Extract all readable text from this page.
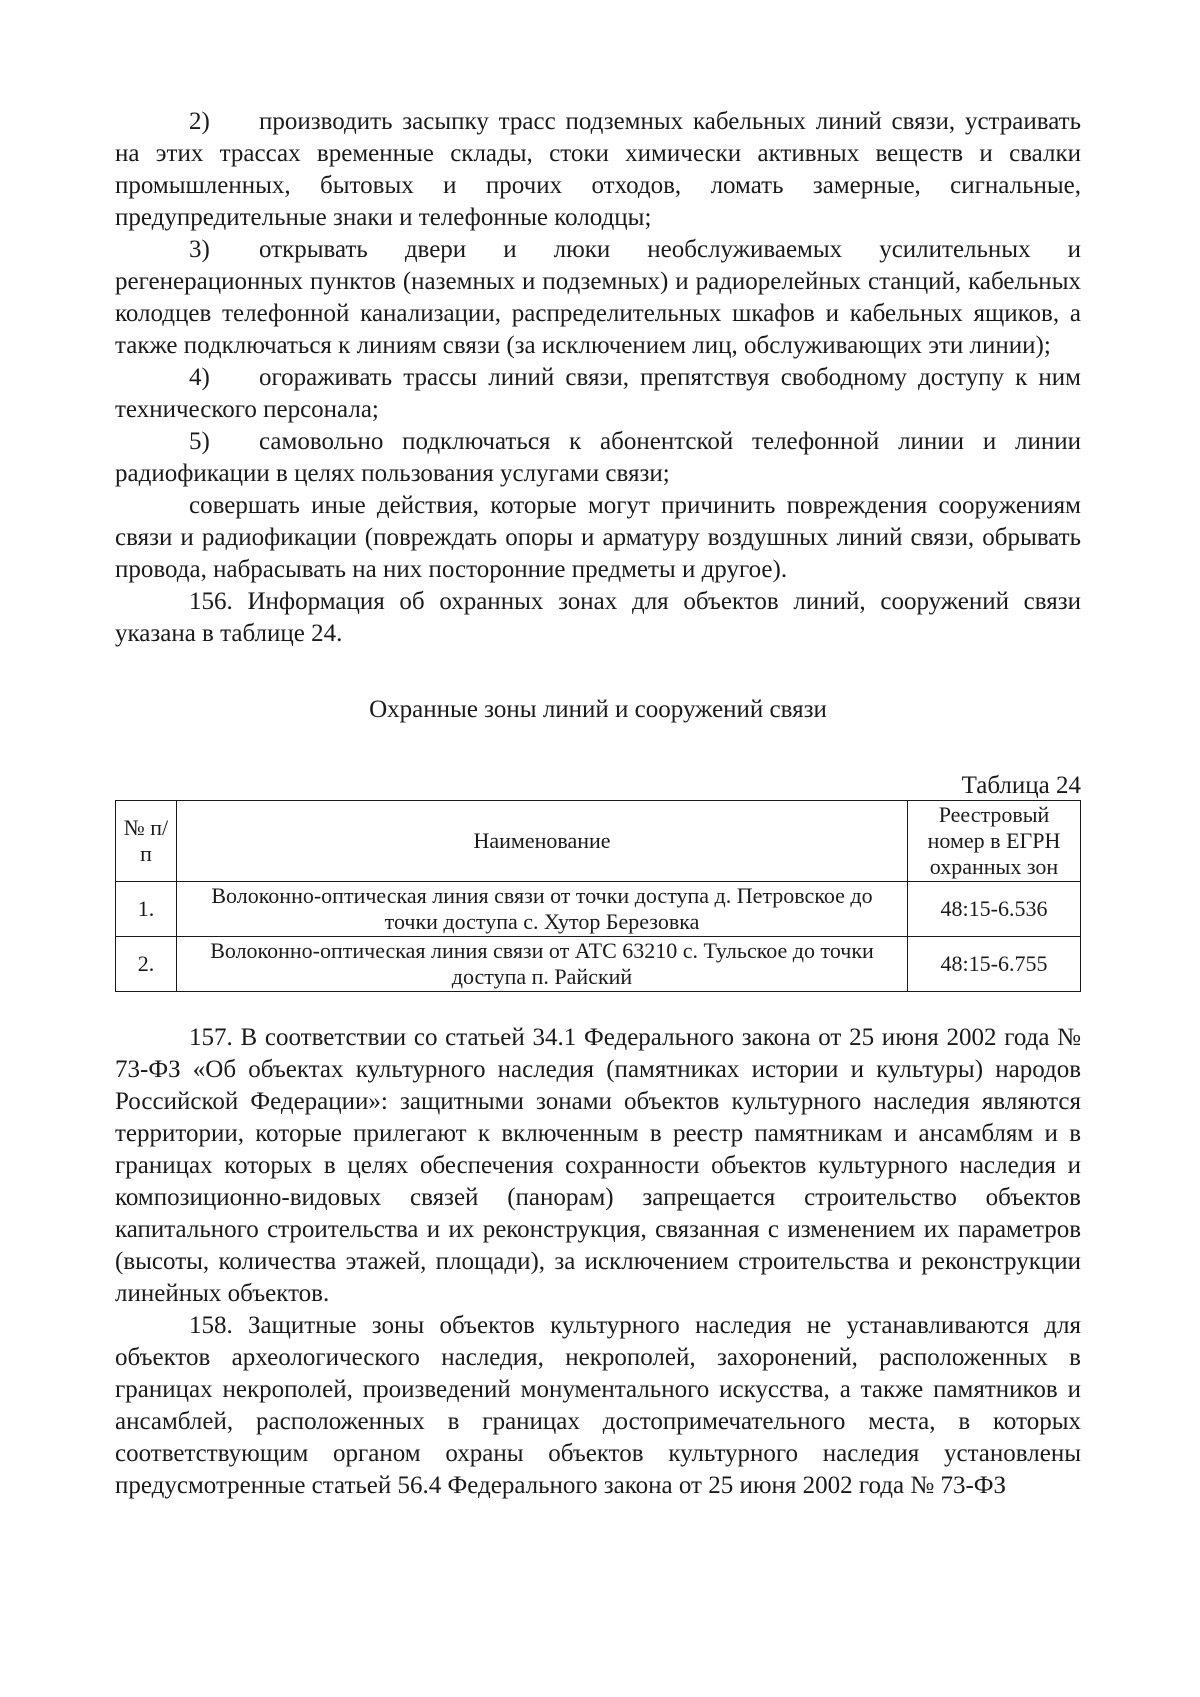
2) производить засыпку трасс подземных кабельных линий связи, устраивать на этих трассах временные склады, стоки химически активных веществ и свалки промышленных, бытовых и прочих отходов, ломать замерные, сигнальные, предупредительные знаки и телефонные колодцы;

3) открывать двери и люки необслуживаемых усилительных и регенерационных пунктов (наземных и подземных) и радиорелейных станций, кабельных колодцев телефонной канализации, распределительных шкафов и кабельных ящиков, а также подключаться к линиям связи (за исключением лиц, обслуживающих эти линии);

4) огораживать трассы линий связи, препятствуя свободному доступу к ним технического персонала;

5) самовольно подключаться к абонентской телефонной линии и линии радиофикации в целях пользования услугами связи;

совершать иные действия, которые могут причинить повреждения сооружениям связи и радиофикации (повреждать опоры и арматуру воздушных линий связи, обрывать провода, набрасывать на них посторонние предметы и другое).

156. Информация об охранных зонах для объектов линий, сооружений связи указана в таблице 24.

Охранные зоны линий и сооружений связи

Таблица 24

№ п/п	Наименование	Реестровый номер в ЕГРН охранных зон
1.	Волоконно-оптическая линия связи от точки доступа д. Петровское до точки доступа с. Хутор Березовка	48:15-6.536
2.	Волоконно-оптическая линия связи от АТС 63210 с. Тульское до точки доступа п. Райский	48:15-6.755

157. В соответствии со статьей 34.1 Федерального закона от 25 июня 2002 года № 73-ФЗ «Об объектах культурного наследия (памятниках истории и культуры) народов Российской Федерации»: защитными зонами объектов культурного наследия являются территории, которые прилегают к включенным в реестр памятникам и ансамблям и в границах которых в целях обеспечения сохранности объектов культурного наследия и композиционно-видовых связей (панорам) запрещается строительство объектов капитального строительства и их реконструкция, связанная с изменением их параметров (высоты, количества этажей, площади), за исключением строительства и реконструкции линейных объектов.

158. Защитные зоны объектов культурного наследия не устанавливаются для объектов археологического наследия, некрополей, захоронений, расположенных в границах некрополей, произведений монументального искусства, а также памятников и ансамблей, расположенных в границах достопримечательного места, в которых соответствующим органом охраны объектов культурного наследия установлены предусмотренные статьей 56.4 Федерального закона от 25 июня 2002 года № 73-ФЗ
